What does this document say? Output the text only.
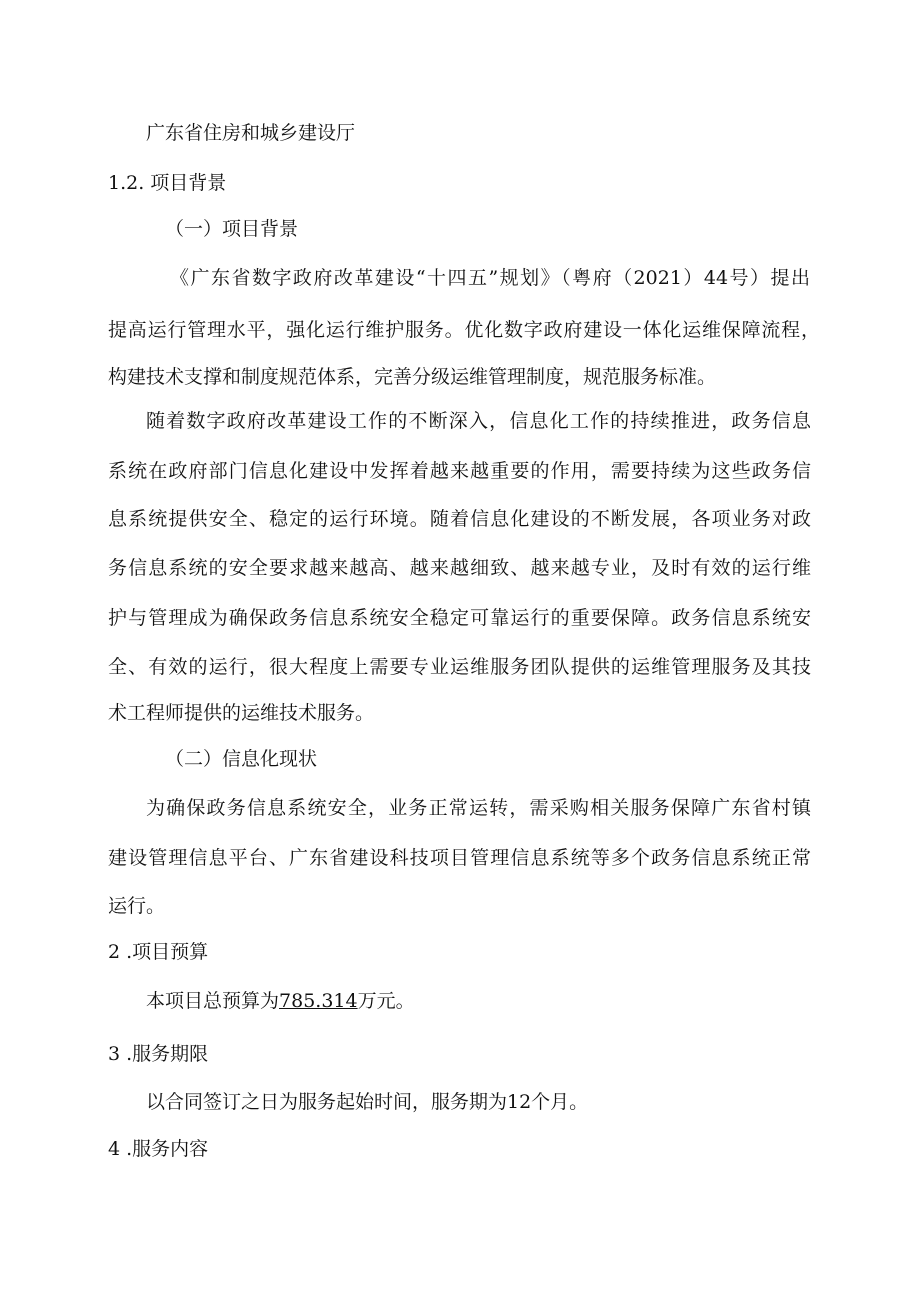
广东省住房和城乡建设厅
1.2. 项目背景
（一）项目背景
《广东省数字政府改革建设“十四五”规划》（粤府（2021）44号）提出
提高运行管理水平，强化运行维护服务。优化数字政府建设一体化运维保障流程，
构建技术支撑和制度规范体系，完善分级运维管理制度，规范服务标准。
随着数字政府改革建设工作的不断深入，信息化工作的持续推进，政务信息
系统在政府部门信息化建设中发挥着越来越重要的作用，需要持续为这些政务信
息系统提供安全、稳定的运行环境。随着信息化建设的不断发展，各项业务对政
务信息系统的安全要求越来越高、越来越细致、越来越专业，及时有效的运行维
护与管理成为确保政务信息系统安全稳定可靠运行的重要保障。政务信息系统安
全、有效的运行，很大程度上需要专业运维服务团队提供的运维管理服务及其技
术工程师提供的运维技术服务。
（二）信息化现状
为确保政务信息系统安全，业务正常运转，需采购相关服务保障广东省村镇
建设管理信息平台、广东省建设科技项目管理信息系统等多个政务信息系统正常
运行。
2 .项目预算
本项目总预算为785.314万元。
3 .服务期限
以合同签订之日为服务起始时间，服务期为12个月。
4 .服务内容
